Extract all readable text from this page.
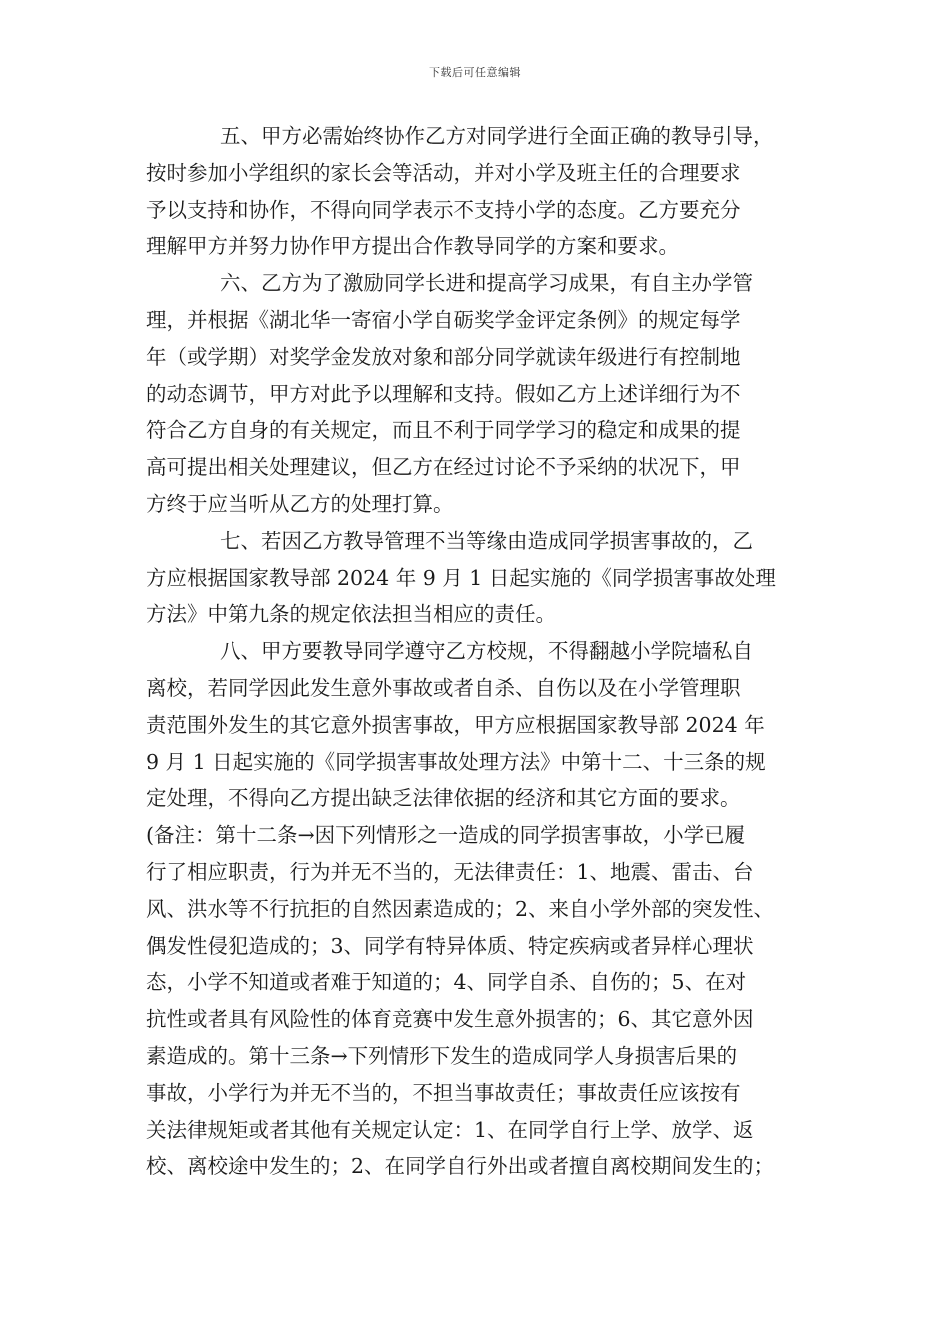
下载后可任意编辑

五、甲方必需始终协作乙方对同学进行全面正确的教导引导，
按时参加小学组织的家长会等活动，并对小学及班主任的合理要求
予以支持和协作，不得向同学表示不支持小学的态度。乙方要充分
理解甲方并努力协作甲方提出合作教导同学的方案和要求。

六、乙方为了激励同学长进和提高学习成果，有自主办学管
理，并根据《湖北华一寄宿小学自砺奖学金评定条例》的规定每学
年（或学期）对奖学金发放对象和部分同学就读年级进行有控制地
的动态调节，甲方对此予以理解和支持。假如乙方上述详细行为不
符合乙方自身的有关规定，而且不利于同学学习的稳定和成果的提
高可提出相关处理建议，但乙方在经过讨论不予采纳的状况下，甲
方终于应当听从乙方的处理打算。

七、若因乙方教导管理不当等缘由造成同学损害事故的，乙
方应根据国家教导部 2024 年 9 月 1 日起实施的《同学损害事故处理
方法》中第九条的规定依法担当相应的责任。

八、甲方要教导同学遵守乙方校规，不得翻越小学院墙私自
离校，若同学因此发生意外事故或者自杀、自伤以及在小学管理职
责范围外发生的其它意外损害事故，甲方应根据国家教导部 2024 年
9 月 1 日起实施的《同学损害事故处理方法》中第十二、十三条的规
定处理，不得向乙方提出缺乏法律依据的经济和其它方面的要求。
(备注：第十二条→因下列情形之一造成的同学损害事故，小学已履
行了相应职责，行为并无不当的，无法律责任：1、地震、雷击、台
风、洪水等不行抗拒的自然因素造成的；2、来自小学外部的突发性、
偶发性侵犯造成的；3、同学有特异体质、特定疾病或者异样心理状
态，小学不知道或者难于知道的；4、同学自杀、自伤的；5、在对
抗性或者具有风险性的体育竞赛中发生意外损害的；6、其它意外因
素造成的。第十三条→下列情形下发生的造成同学人身损害后果的
事故，小学行为并无不当的，不担当事故责任；事故责任应该按有
关法律规矩或者其他有关规定认定：1、在同学自行上学、放学、返
校、离校途中发生的；2、在同学自行外出或者擅自离校期间发生的；
